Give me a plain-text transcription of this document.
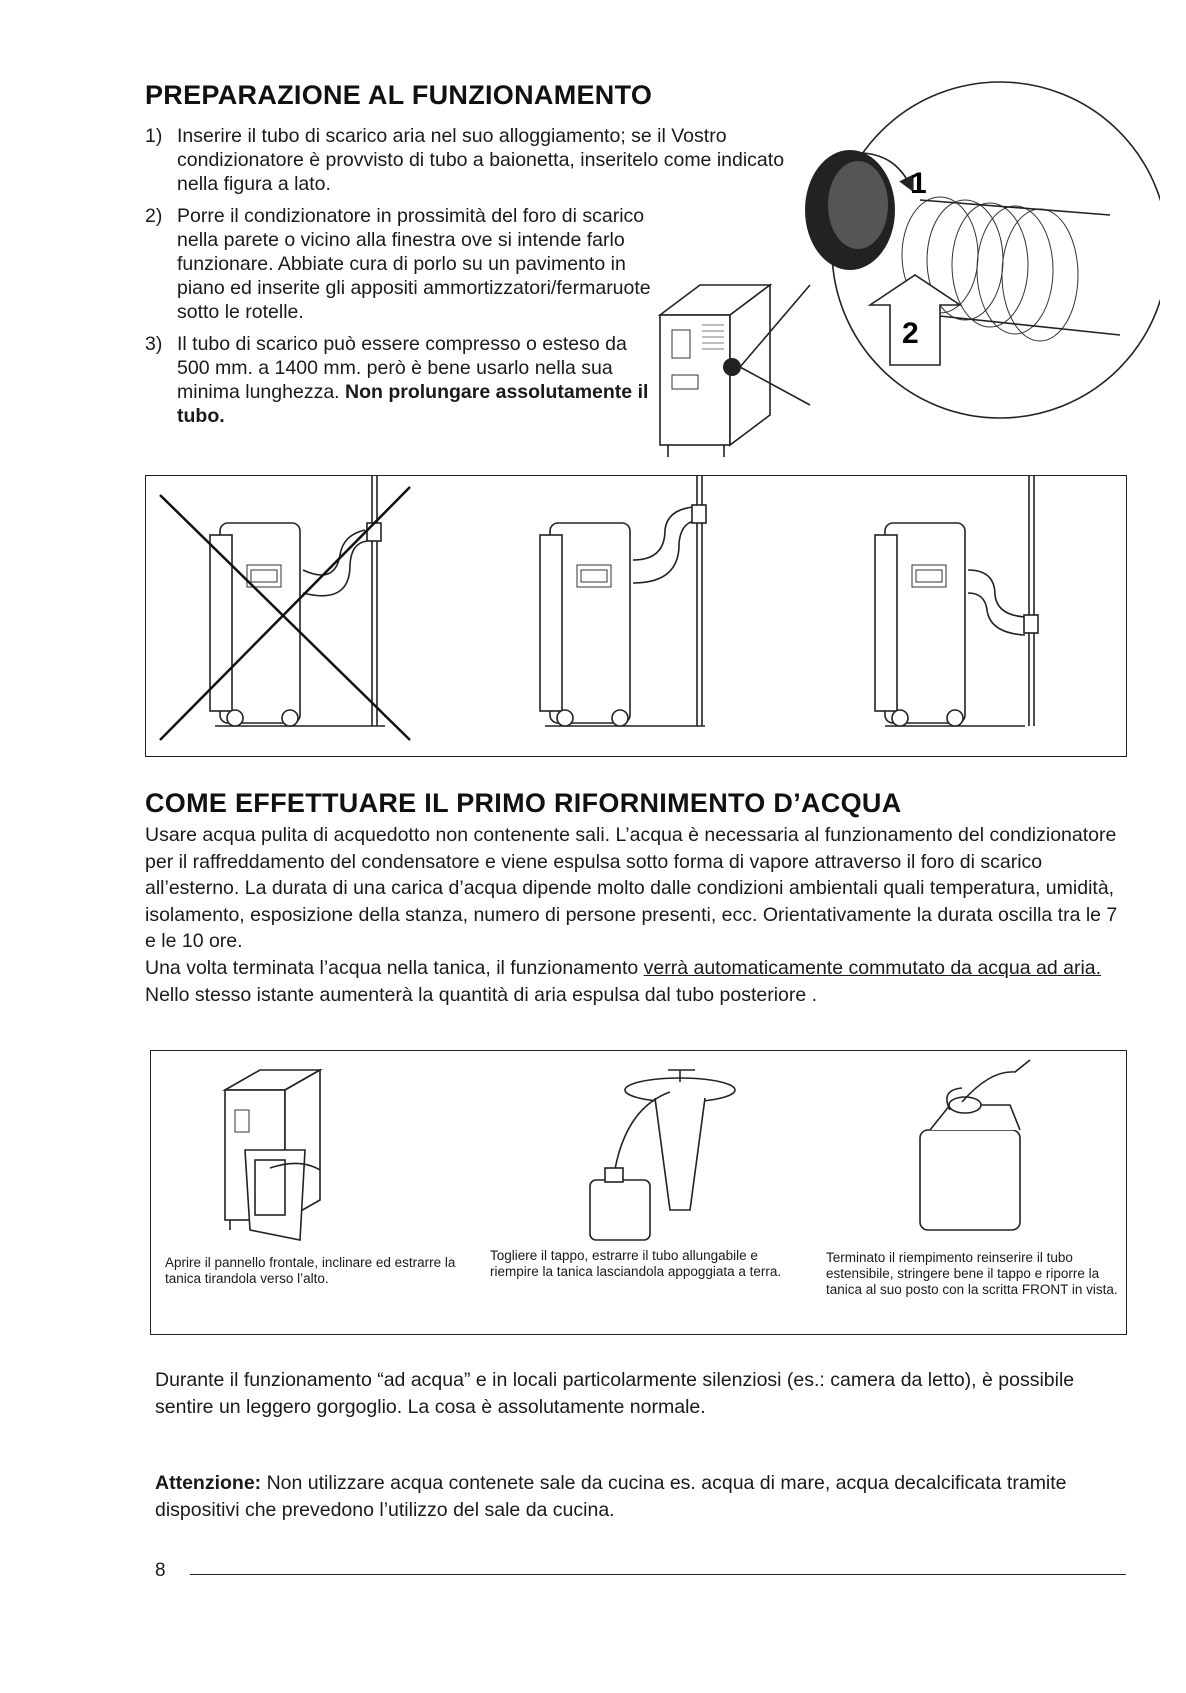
PREPARAZIONE AL FUNZIONAMENTO
1) Inserire il tubo di scarico aria nel suo alloggiamento; se il Vostro condizionatore è provvisto di tubo a baionetta, inseritelo come indicato nella figura a lato.
2) Porre il condizionatore in prossimità del foro di scarico nella parete o vicino alla finestra ove si intende farlo funzionare. Abbiate cura di porlo su un pavimento in piano ed inserite gli appositi ammortizzatori/fermaruote sotto le rotelle.
3) Il tubo di scarico può essere compresso o esteso da 500 mm. a 1400 mm. però è bene usarlo nella sua minima lunghezza. Non prolungare assolutamente il tubo.
1
2
COME EFFETTUARE IL PRIMO RIFORNIMENTO D’ACQUA

Usare acqua pulita di acquedotto non contenente sali. L’acqua è necessaria al funzionamento del condizionatore per il raffreddamento del condensatore e viene espulsa sotto forma di vapore attraverso il foro di scarico all’esterno. La durata di una carica d’acqua dipende molto dalle condizioni ambientali quali temperatura, umidità, isolamento, esposizione della stanza, numero di persone presenti, ecc. Orientativamente la durata oscilla tra le 7 e le 10 ore.

Una volta terminata l’acqua nella tanica, il funzionamento verrà automaticamente commutato da acqua ad aria. Nello stesso istante aumenterà la quantità di aria espulsa dal tubo posteriore .

Aprire il pannello frontale, inclinare ed estrarre la tanica tirandola verso l’alto.

Togliere il tappo, estrarre il tubo allungabile e riempire la tanica lasciandola appoggiata a terra.

Terminato il riempimento reinserire il tubo estensibile, stringere bene il tappo e riporre la tanica al suo posto con la scritta FRONT in vista.

Durante il funzionamento “ad acqua” e in locali particolarmente silenziosi (es.: camera da letto), è possibile sentire un leggero gorgoglio. La cosa è assolutamente normale.

Attenzione: Non utilizzare acqua contenete sale da cucina es. acqua di mare, acqua decalcificata tramite dispositivi che prevedono l’utilizzo del sale da cucina.

8
